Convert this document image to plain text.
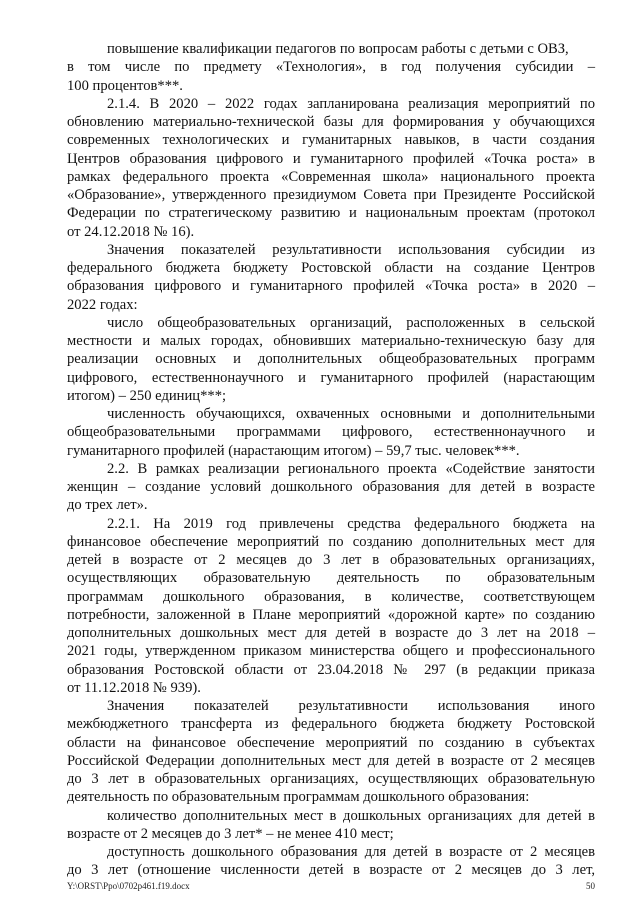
повышение квалификации педагогов по вопросам работы с детьми с ОВЗ,
в том числе по предмету «Технология», в год получения субсидии –
100 процентов***.
2.1.4. В 2020 – 2022 годах запланирована реализация мероприятий по
обновлению материально-технической базы для формирования у обучающихся
современных технологических и гуманитарных навыков, в части создания
Центров образования цифрового и гуманитарного профилей «Точка роста» в
рамках федерального проекта «Современная школа» национального проекта
«Образование», утвержденного президиумом Совета при Президенте Российской
Федерации по стратегическому развитию и национальным проектам (протокол
от 24.12.2018 № 16).
Значения показателей результативности использования субсидии из
федерального бюджета бюджету Ростовской области на создание Центров
образования цифрового и гуманитарного профилей «Точка роста» в 2020 –
2022 годах:
число общеобразовательных организаций, расположенных в сельской
местности и малых городах, обновивших материально-техническую базу для
реализации основных и дополнительных общеобразовательных программ
цифрового, естественнонаучного и гуманитарного профилей (нарастающим
итогом) – 250 единиц***;
численность обучающихся, охваченных основными и дополнительными
общеобразовательными программами цифрового, естественнонаучного и
гуманитарного профилей (нарастающим итогом) – 59,7 тыс. человек***.
2.2. В рамках реализации регионального проекта «Содействие занятости
женщин – создание условий дошкольного образования для детей в возрасте
до трех лет».
2.2.1. На 2019 год привлечены средства федерального бюджета на
финансовое обеспечение мероприятий по созданию дополнительных мест для
детей в возрасте от 2 месяцев до 3 лет в образовательных организациях,
осуществляющих образовательную деятельность по образовательным
программам дошкольного образования, в количестве, соответствующем
потребности, заложенной в Плане мероприятий «дорожной карте» по созданию
дополнительных дошкольных мест для детей в возрасте до 3 лет на 2018 –
2021 годы, утвержденном приказом министерства общего и профессионального
образования Ростовской области от 23.04.2018 № 297 (в редакции приказа
от 11.12.2018 № 939).
Значения показателей результативности использования иного
межбюджетного трансферта из федерального бюджета бюджету Ростовской
области на финансовое обеспечение мероприятий по созданию в субъектах
Российской Федерации дополнительных мест для детей в возрасте от 2 месяцев
до 3 лет в образовательных организациях, осуществляющих образовательную
деятельность по образовательным программам дошкольного образования:
количество дополнительных мест в дошкольных организациях для детей в
возрасте от 2 месяцев до 3 лет* – не менее 410 мест;
доступность дошкольного образования для детей в возрасте от 2 месяцев
до 3 лет (отношение численности детей в возрасте от 2 месяцев до 3 лет,
Y:\ORST\Ppo\0702p461.f19.docx	50
